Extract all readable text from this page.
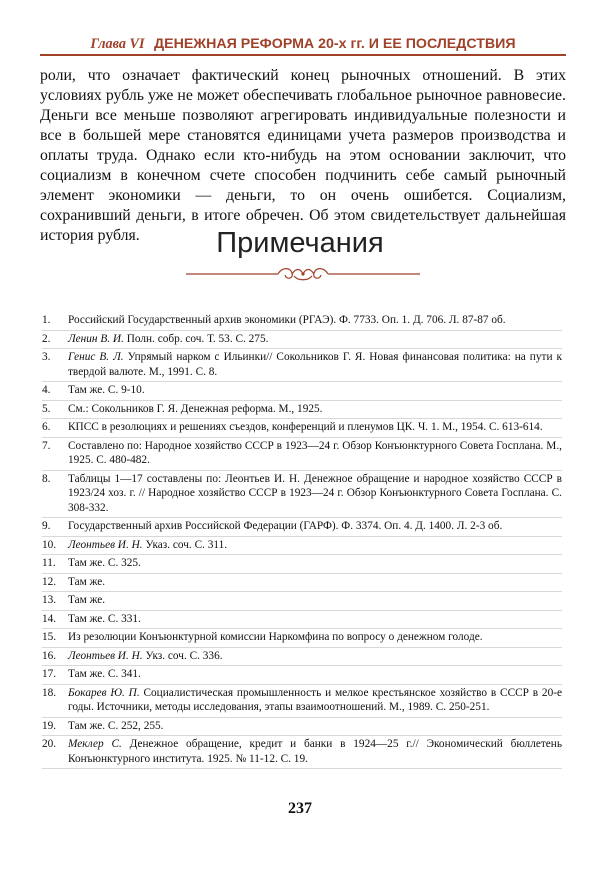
Глава VI ДЕНЕЖНАЯ РЕФОРМА 20-х гг. И ЕЕ ПОСЛЕДСТВИЯ

роли, что означает фактический конец рыночных отношений. В этих условиях рубль уже не может обеспечивать глобальное рыночное равновесие. Деньги все меньше позволяют агрегировать индивидуальные полезности и все в большей мере становятся единицами учета размеров производства и оплаты труда. Однако если кто-нибудь на этом основании заключит, что социализм в конечном счете способен подчинить себе самый рыночный элемент экономики — деньги, то он очень ошибется. Социализм, сохранивший деньги, в итоге обречен. Об этом свидетельствует дальнейшая история рубля.	Примечания
1.	Российский Государственный архив экономики (РГАЭ). Ф. 7733. Оп. 1. Д. 706. Л. 87-87 об.
2.	Ленин В. И. Полн. собр. соч. Т. 53. С. 275.
3.	Генис В. Л. Упрямый нарком с Ильинки// Сокольников Г. Я. Новая финансовая политика: на пути к твердой валюте. М., 1991. С. 8.
4.	Там же. С. 9-10.
5.	См.: Сокольников Г. Я. Денежная реформа. М., 1925.
6.	КПСС в резолюциях и решениях съездов, конференций и пленумов ЦК. Ч. 1. М., 1954. С. 613-614.
7.	Составлено по: Народное хозяйство СССР в 1923—24 г. Обзор Конъюнктурного Совета Госплана. М., 1925. С. 480-482.
8.	Таблицы 1—17 составлены по: Леонтьев И. Н. Денежное обращение и народное хозяйство СССР в 1923/24 хоз. г. // Народное хозяйство СССР в 1923—24 г. Обзор Конъюнктурного Совета Госплана. С. 308-332.
9.	Государственный архив Российской Федерации (ГАРФ). Ф. 3374. Оп. 4. Д. 1400. Л. 2-3 об.
10.	Леонтьев И. Н. Указ. соч. С. 311.
11.	Там же. С. 325.
12.	Там же.
13.	Там же.
14.	Там же. С. 331.
15.	Из резолюции Конъюнктурной комиссии Наркомфина по вопросу о денежном голоде.
16.	Леонтьев И. Н. Укз. соч. С. 336.
17.	Там же. С. 341.
18.	Бокарев Ю. П. Социалистическая промышленность и мелкое крестьянское хозяйство в СССР в 20-е годы. Источники, методы исследования, этапы взаимоотношений. М., 1989. С. 250-251.
19.	Там же. С. 252, 255.
20.	Меклер С. Денежное обращение, кредит и банки в 1924—25 г.// Экономический бюллетень Конъюнктурного института. 1925. № 11-12. С. 19.
237
